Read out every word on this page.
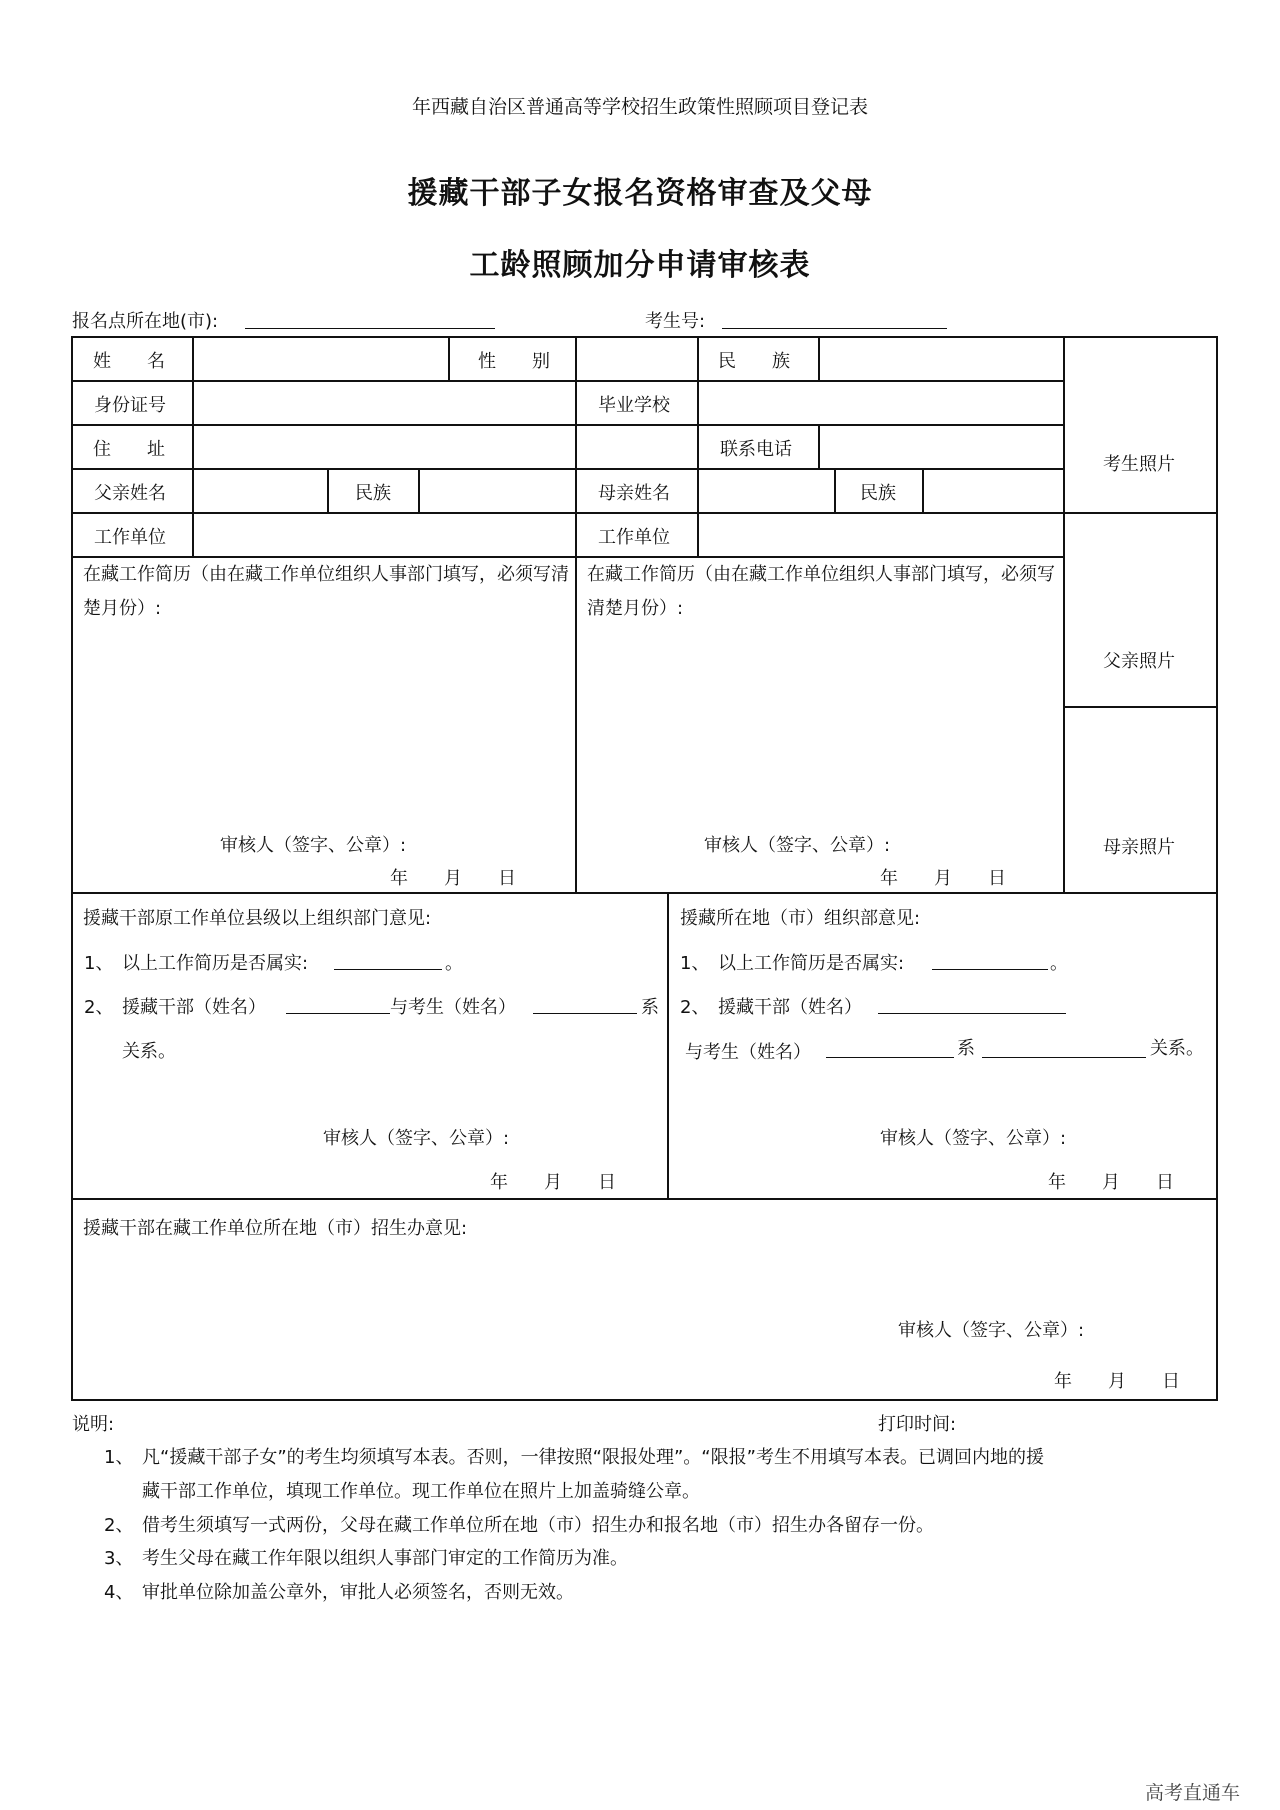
年西藏自治区普通高等学校招生政策性照顾项目登记表
援藏干部子女报名资格审查及父母
工龄照顾加分申请审核表
报名点所在地(市):	考生号:
姓　　名	性　　别	民　　族
身份证号	毕业学校
住　　址	联系电话
父亲姓名	民族	母亲姓名	民族
工作单位	工作单位
考生照片
父亲照片
母亲照片
在藏工作简历（由在藏工作单位组织人事部门填写，必须写清楚月份）:
审核人（签字、公章）:
年　　月　　日
在藏工作简历（由在藏工作单位组织人事部门填写，必须写清楚月份）:
审核人（签字、公章）:
年　　月　　日
援藏干部原工作单位县级以上组织部门意见:
1、 以上工作简历是否属实:	。
2、 援藏干部（姓名）	与考生（姓名）	系
关系。
审核人（签字、公章）:
年　　月　　日
援藏所在地（市）组织部意见:
1、 以上工作简历是否属实:	。
2、 援藏干部（姓名）
与考生（姓名）	系	关系。
审核人（签字、公章）:
年　　月　　日
援藏干部在藏工作单位所在地（市）招生办意见:
审核人（签字、公章）:
年　　月　　日
说明:	打印时间:
1、 凡“援藏干部子女”的考生均须填写本表。否则，一律按照“限报处理”。“限报”考生不用填写本表。已调回内地的援
藏干部工作单位，填现工作单位。现工作单位在照片上加盖骑缝公章。
2、 借考生须填写一式两份，父母在藏工作单位所在地（市）招生办和报名地（市）招生办各留存一份。
3、 考生父母在藏工作年限以组织人事部门审定的工作简历为准。
4、 审批单位除加盖公章外，审批人必须签名，否则无效。
高考直通车
